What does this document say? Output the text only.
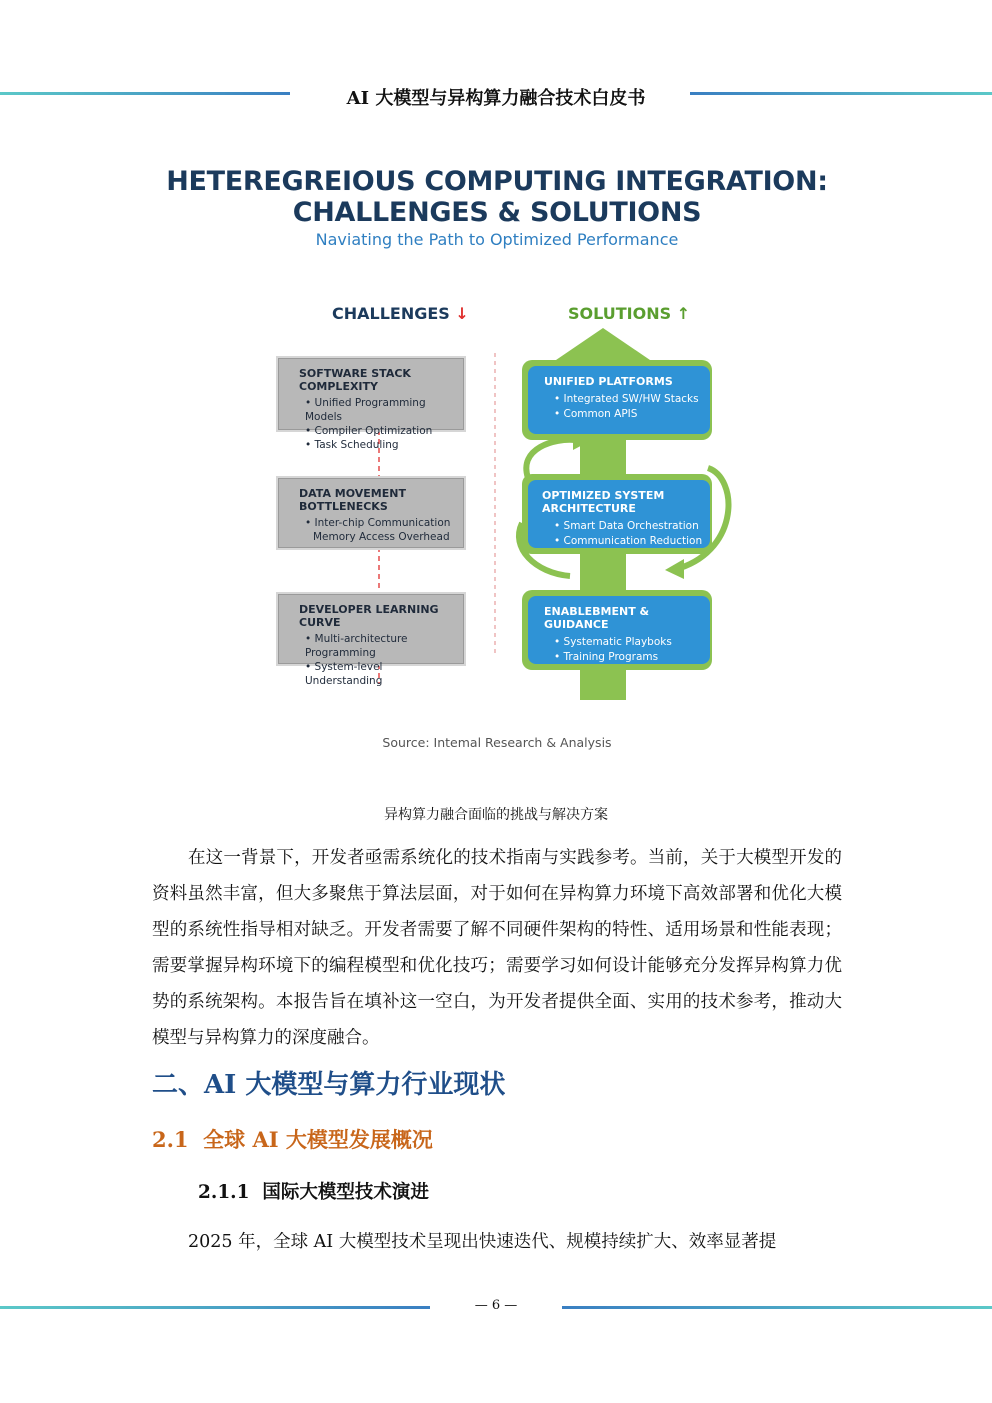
AI 大模型与异构算力融合技术白皮书
HETEREGREIOUS COMPUTING INTEGRATION:
CHALLENGES & SOLUTIONS
Naviating the Path to Optimized Performance
CHALLENGES ↓	SOLUTIONS ↑
SOFTWARE STACK COMPLEXITY
• Unified Programming Models
• Compiler Optimization
• Task Scheduling
DATA MOVEMENT BOTTLENECKS
• Inter-chip Communication
Memory Access Overhead
DEVELOPER LEARNING CURVE
• Multi-architecture Programming
• System-level Understanding
UNIFIED PLATFORMS
• Integrated SW/HW Stacks
• Common APIS
OPTIMIZED SYSTEM ARCHITECTURE
• Smart Data Orchestration
• Communication Reduction
ENABLEBMENT & GUIDANCE
• Systematic Playboks
• Training Programs
Source: Intemal Research & Analysis
异构算力融合面临的挑战与解决方案
在这一背景下，开发者亟需系统化的技术指南与实践参考。当前，关于大模型开发的资料虽然丰富，但大多聚焦于算法层面，对于如何在异构算力环境下高效部署和优化大模型的系统性指导相对缺乏。开发者需要了解不同硬件架构的特性、适用场景和性能表现；需要掌握异构环境下的编程模型和优化技巧；需要学习如何设计能够充分发挥异构算力优势的系统架构。本报告旨在填补这一空白，为开发者提供全面、实用的技术参考，推动大模型与异构算力的深度融合。
二、AI 大模型与算力行业现状
2.1  全球 AI 大模型发展概况
2.1.1  国际大模型技术演进
2025 年，全球 AI 大模型技术呈现出快速迭代、规模持续扩大、效率显著提
— 6 —
